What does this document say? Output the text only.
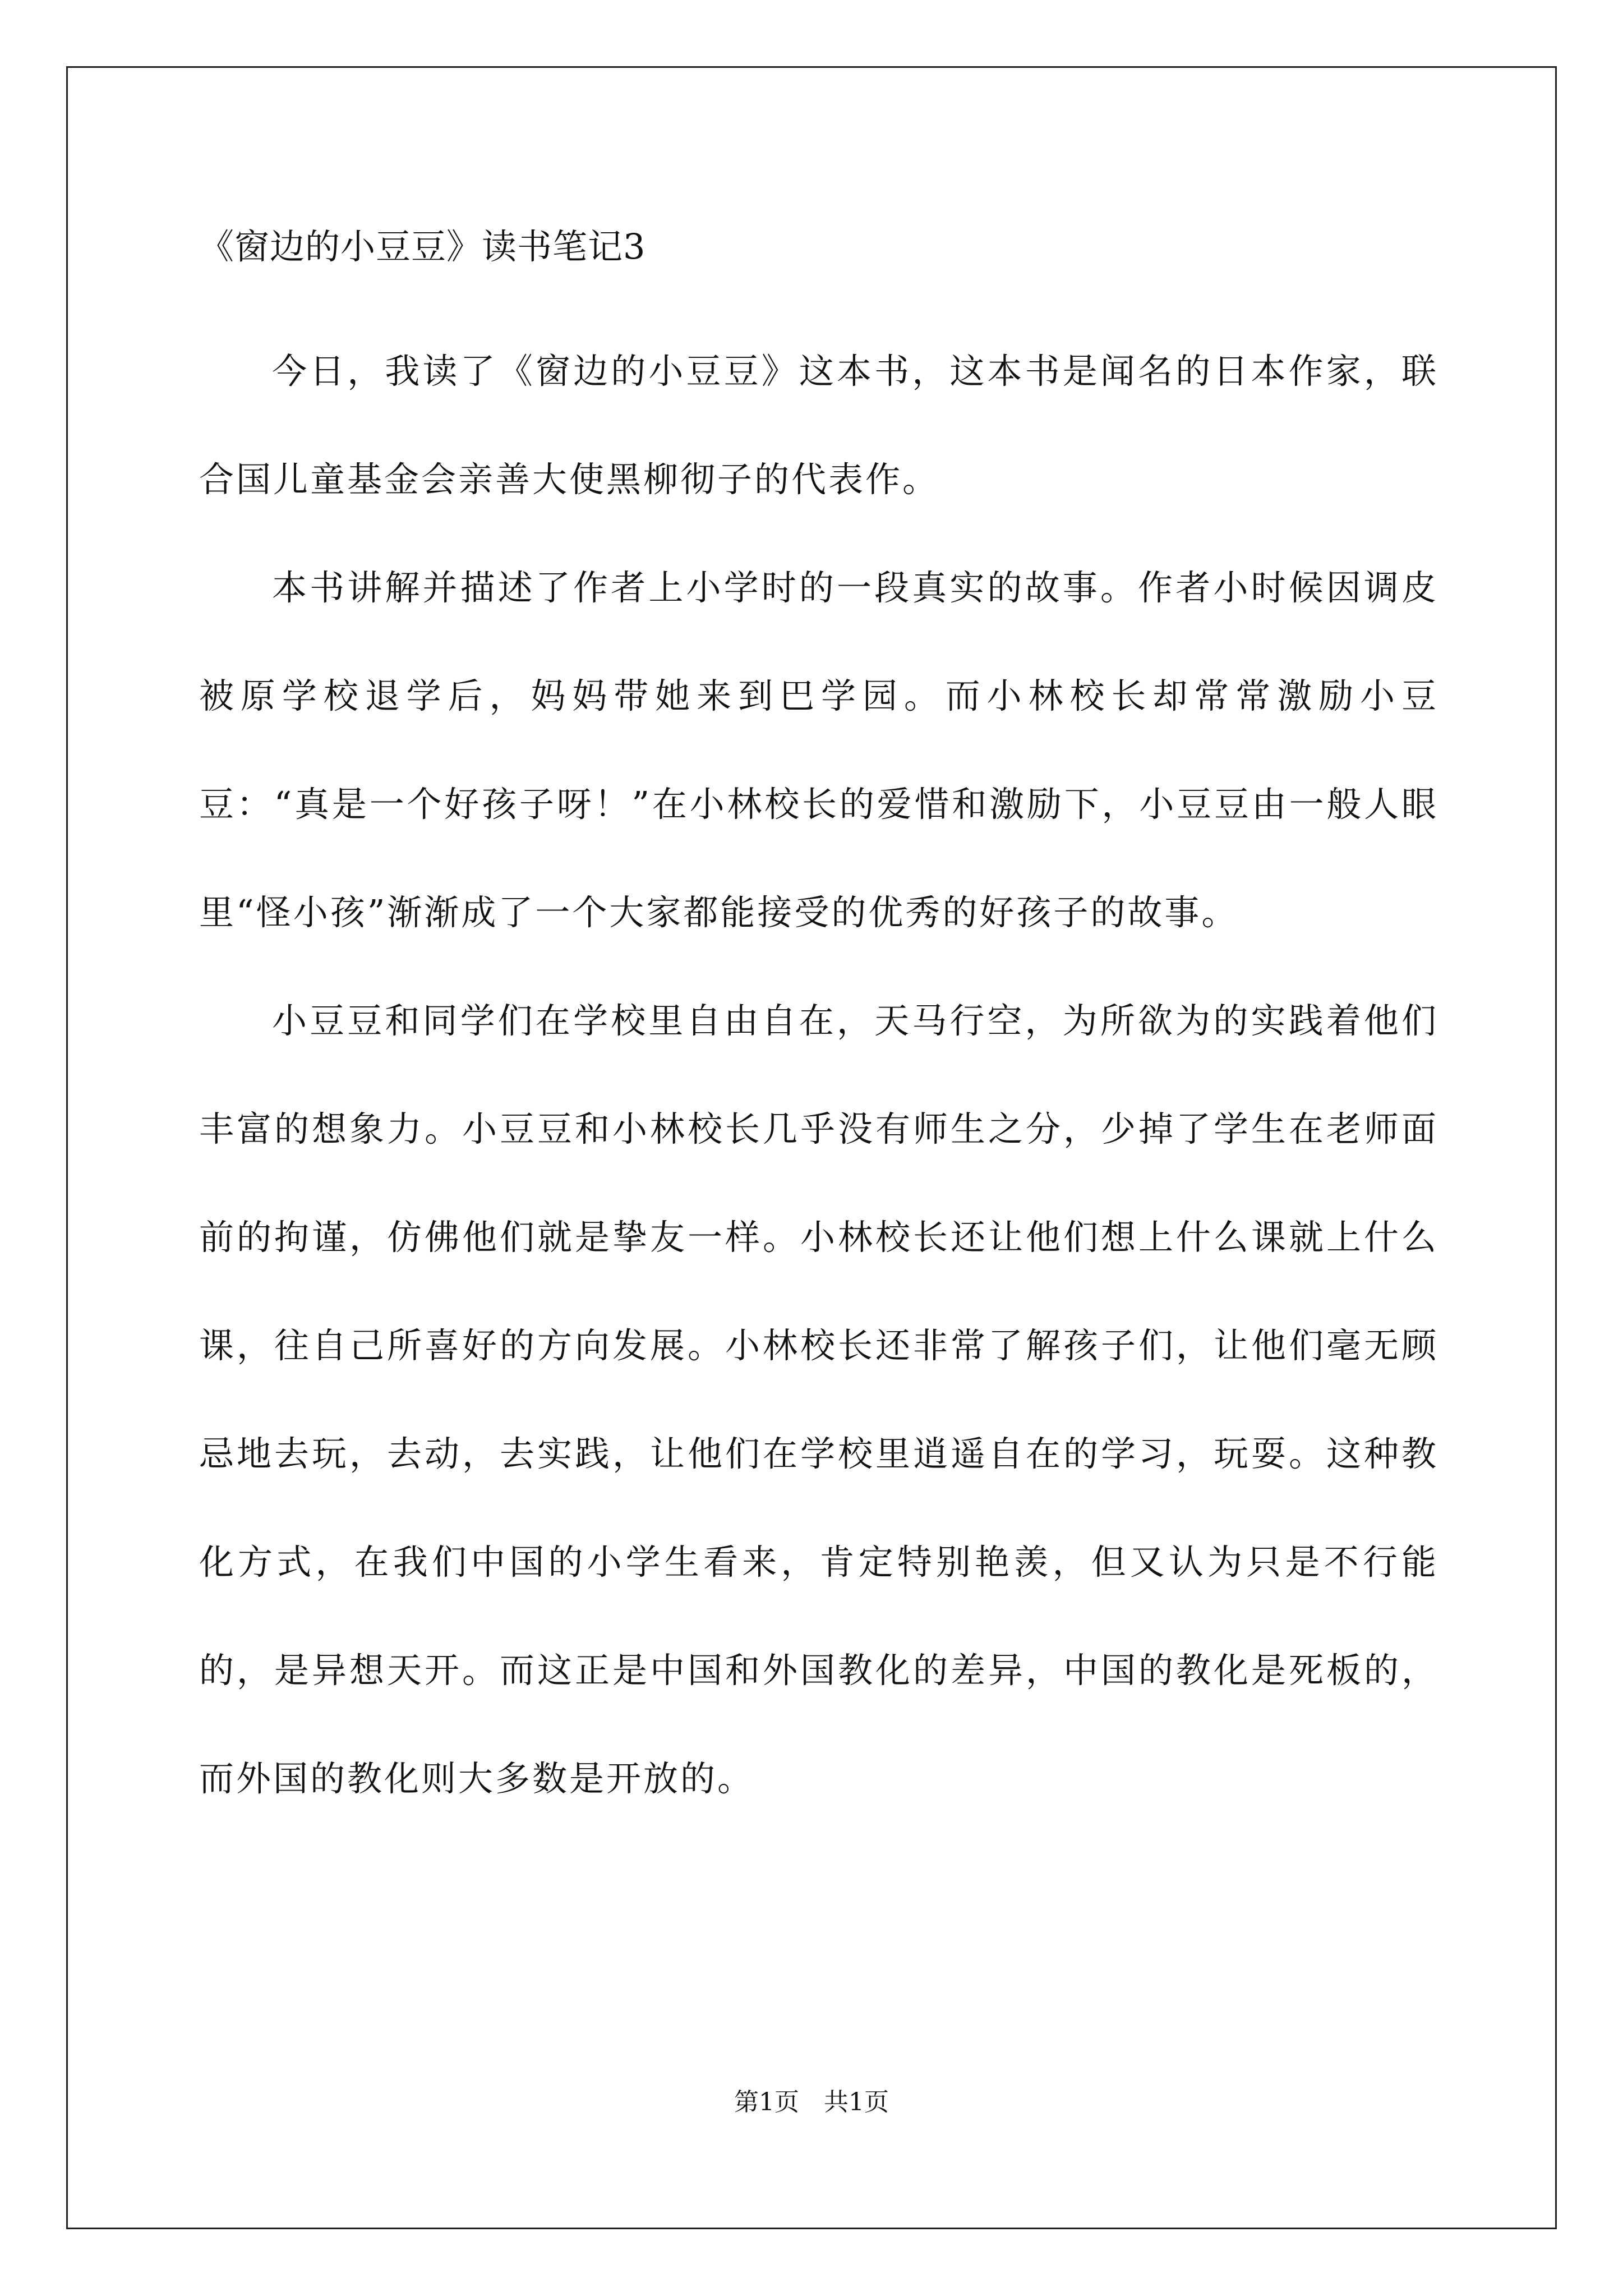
《窗边的小豆豆》读书笔记3

今日，我读了《窗边的小豆豆》这本书，这本书是闻名的日本作家，联合国儿童基金会亲善大使黑柳彻子的代表作。

本书讲解并描述了作者上小学时的一段真实的故事。作者小时候因调皮被原学校退学后，妈妈带她来到巴学园。而小林校长却常常激励小豆豆：“真是一个好孩子呀！”在小林校长的爱惜和激励下，小豆豆由一般人眼里“怪小孩”渐渐成了一个大家都能接受的优秀的好孩子的故事。

小豆豆和同学们在学校里自由自在，天马行空，为所欲为的实践着他们丰富的想象力。小豆豆和小林校长几乎没有师生之分，少掉了学生在老师面前的拘谨，仿佛他们就是挚友一样。小林校长还让他们想上什么课就上什么课，往自己所喜好的方向发展。小林校长还非常了解孩子们，让他们毫无顾忌地去玩，去动，去实践，让他们在学校里逍遥自在的学习，玩耍。这种教化方式，在我们中国的小学生看来，肯定特别艳羡，但又认为只是不行能的，是异想天开。而这正是中国和外国教化的差异，中国的教化是死板的，而外国的教化则大多数是开放的。

第1页　共1页
